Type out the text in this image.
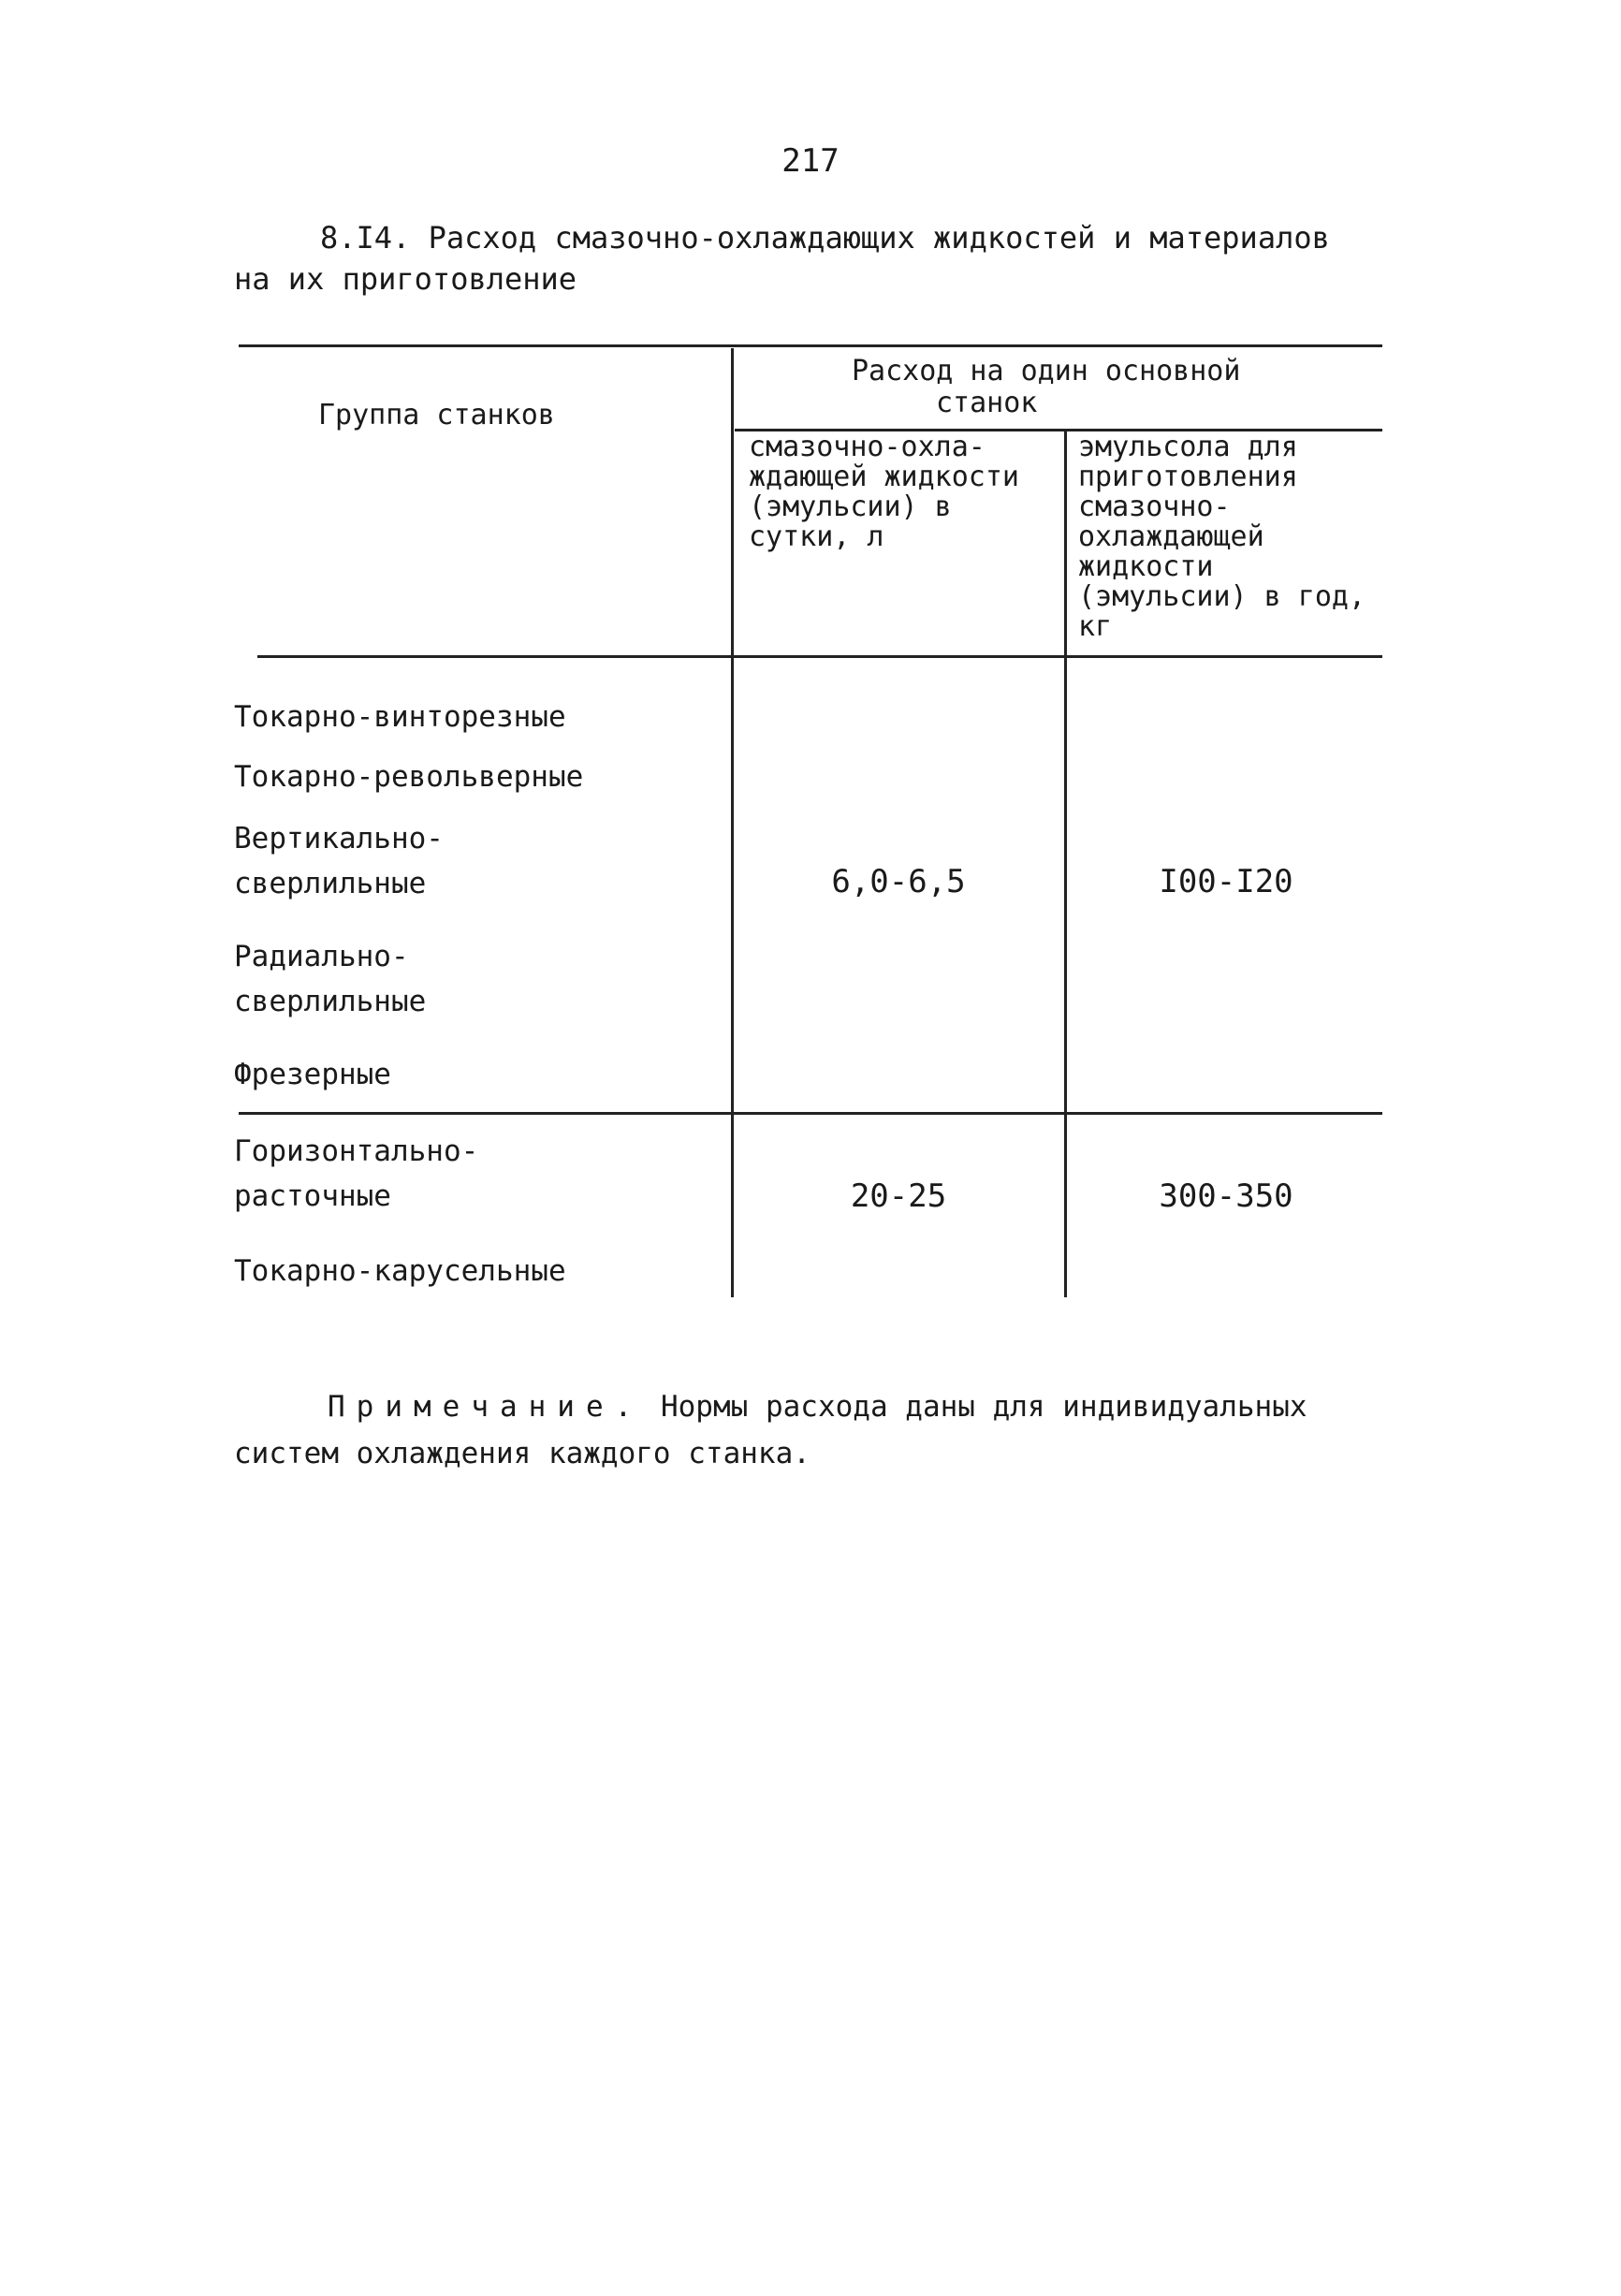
217
8.I4. Расход смазочно-охлаждающих жидкостей и материалов
на их приготовление
Группа станков
Расход на один основной
станок
смазочно-охла-
ждающей жидкости
(эмульсии) в
сутки, л
эмульсола для
приготовления
смазочно-
охлаждающей
жидкости
(эмульсии) в год,
кг
Токарно-винторезные
Токарно-револьверные
Вертикально-
сверлильные
Радиально-
сверлильные
Фрезерные
6,0-6,5	I00-I20
Горизонтально-
расточные
Токарно-карусельные
20-25	300-350
Примечание. Нормы расхода даны для индивидуальных
систем охлаждения каждого станка.
